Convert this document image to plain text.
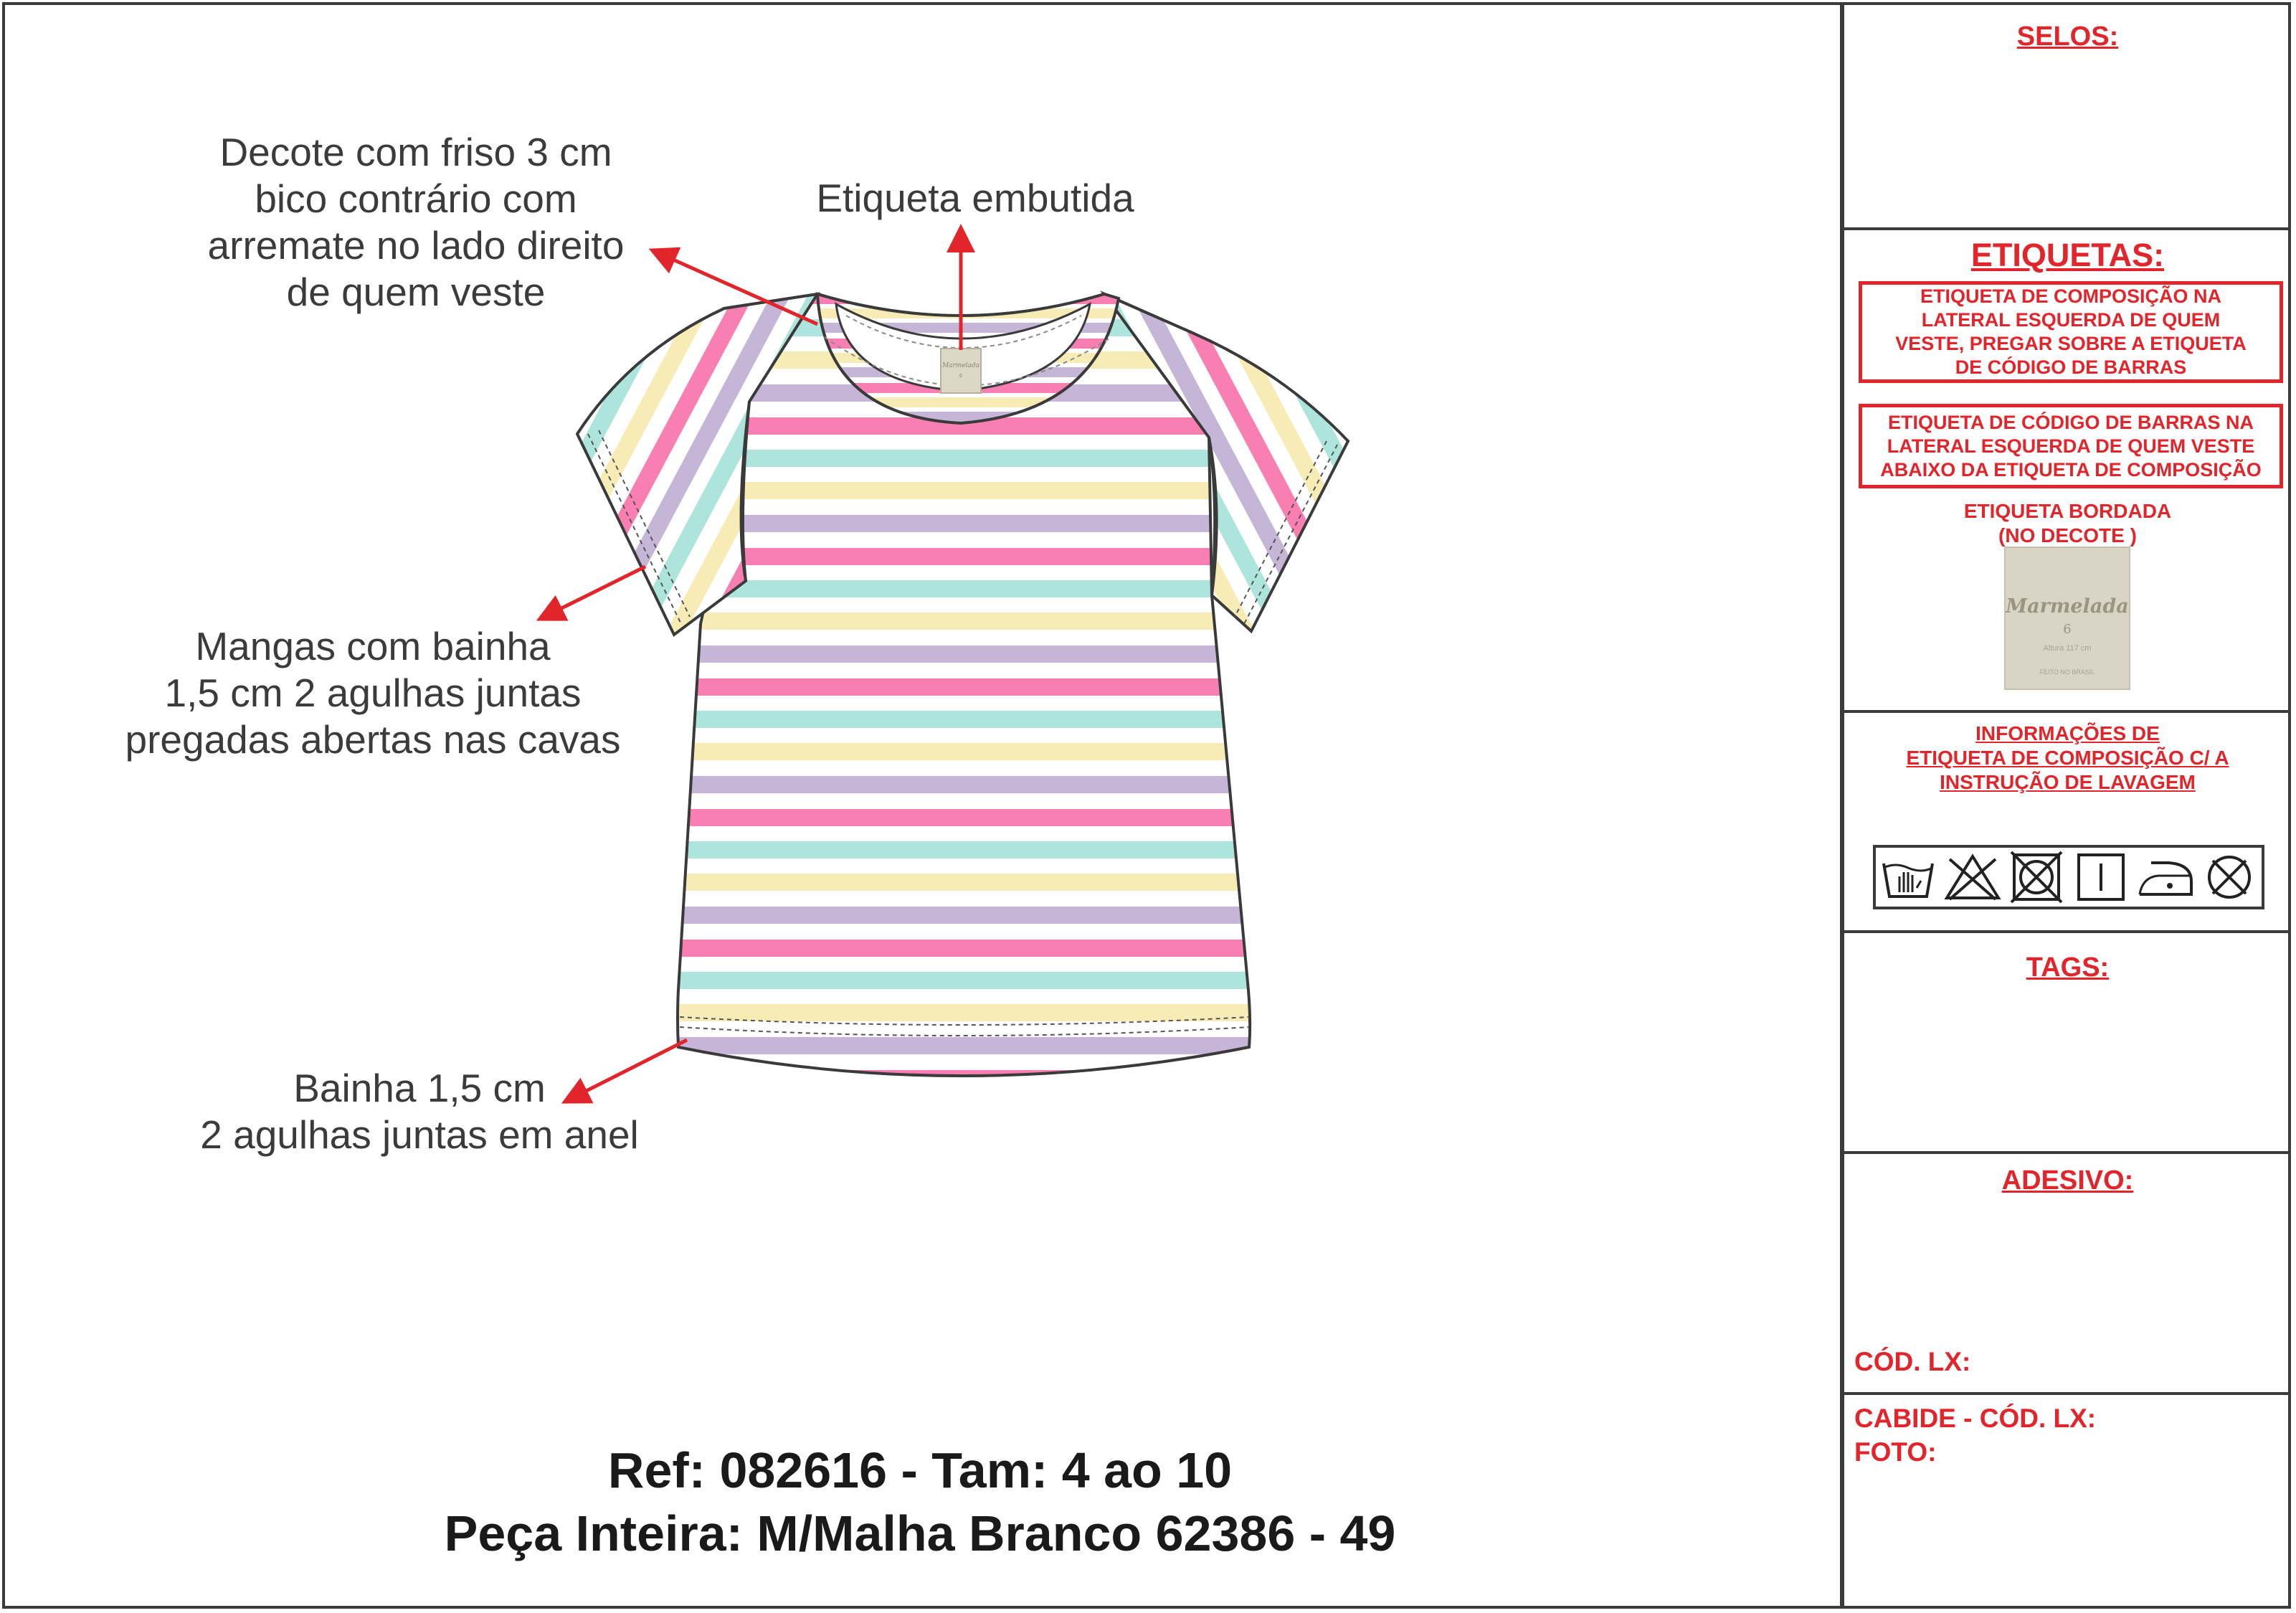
Marmelada
6
Decote com friso 3 cm
bico contrário com
arremate no lado direito
de quem veste
Etiqueta embutida
Mangas com bainha
1,5 cm 2 agulhas juntas
pregadas abertas nas cavas
Bainha 1,5 cm
2 agulhas juntas em anel
Ref: 082616 - Tam: 4 ao 10
Peça Inteira: M/Malha Branco 62386 - 49
SELOS:
ETIQUETAS:
ETIQUETA DE COMPOSIÇÃO NA
LATERAL ESQUERDA DE QUEM
VESTE, PREGAR SOBRE A ETIQUETA
DE CÓDIGO DE BARRAS
ETIQUETA DE CÓDIGO DE BARRAS NA
LATERAL ESQUERDA DE QUEM VESTE
ABAIXO DA ETIQUETA DE COMPOSIÇÃO
ETIQUETA BORDADA
(NO DECOTE )
Marmelada
6
Altura 117 cm
FEITO NO BRASIL
INFORMAÇÕES DE
ETIQUETA DE COMPOSIÇÃO C/ A
INSTRUÇÃO DE LAVAGEM
TAGS:
ADESIVO:
CÓD. LX:
CABIDE - CÓD. LX:
FOTO:
